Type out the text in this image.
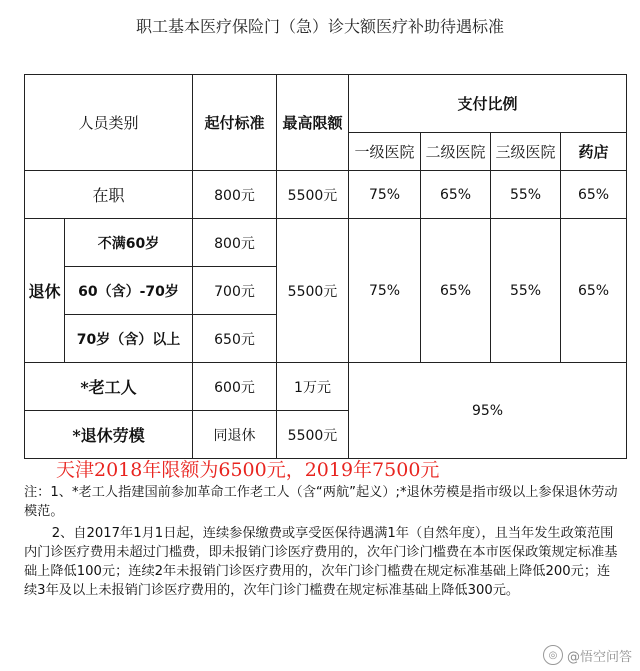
职工基本医疗保险门（急）诊大额医疗补助待遇标准
人员类别		起付标准	最高限额	支付比例			
				一级医院	二级医院	三级医院	药店
在职		800元	5500元	75%	65%	55%	65%
退休	不满60岁	800元	5500元	75%	65%	55%	65%
	60（含）-70岁	700元					
	70岁（含）以上	650元					
*老工人		600元	1万元	95%			
*退休劳模		同退休	5500元				
天津2018年限额为6500元，2019年7500元

注：1、*老工人指建国前参加革命工作老工人（含“两航”起义）;*退休劳模是指市级以上参保退休劳动模范。

2、自2017年1月1日起，连续参保缴费或享受医保待遇满1年（自然年度），且当年发生政策范围内门诊医疗费用未超过门槛费，即未报销门诊医疗费用的，次年门诊门槛费在本市医保政策规定标准基础上降低100元；连续2年未报销门诊医疗费用的，次年门诊门槛费在规定标准基础上降低200元；连续3年及以上未报销门诊医疗费用的，次年门诊门槛费在规定标准基础上降低300元。

◎ @悟空问答
